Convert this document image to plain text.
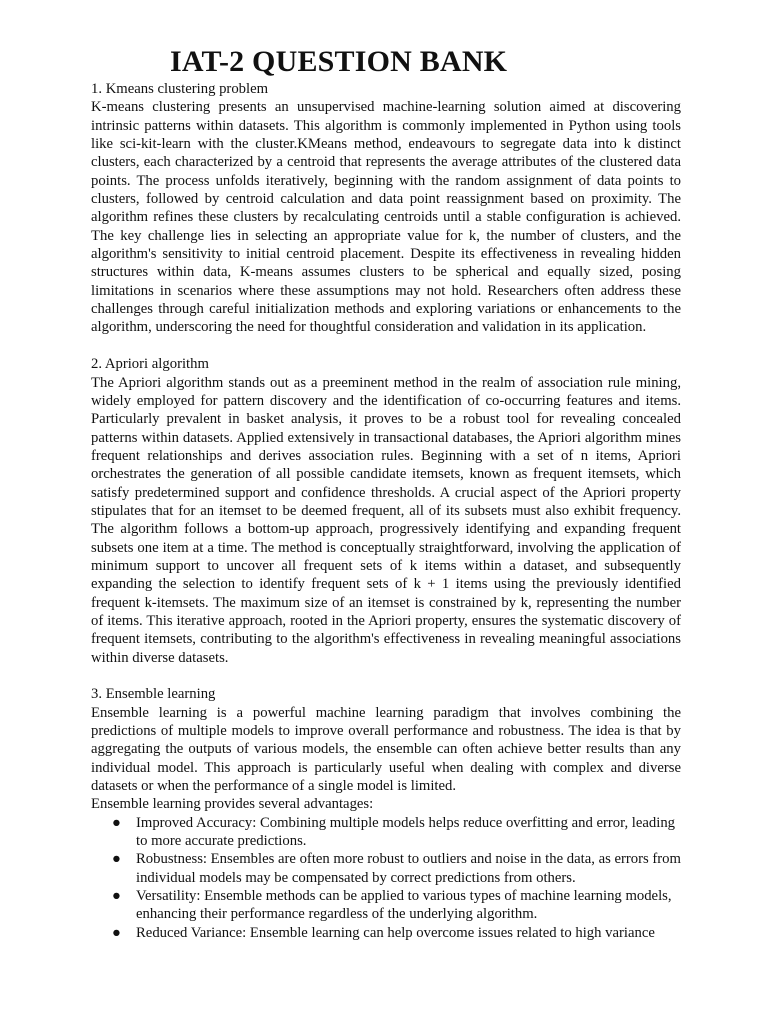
IAT-2 QUESTION BANK
1. Kmeans clustering problem

K-means clustering presents an unsupervised machine-learning solution aimed at discovering intrinsic patterns within datasets. This algorithm is commonly implemented in Python using tools like sci-kit-learn with the cluster.KMeans method, endeavours to segregate data into k distinct clusters, each characterized by a centroid that represents the average attributes of the clustered data points. The process unfolds iteratively, beginning with the random assignment of data points to clusters, followed by centroid calculation and data point reassignment based on proximity. The algorithm refines these clusters by recalculating centroids until a stable configuration is achieved. The key challenge lies in selecting an appropriate value for k, the number of clusters, and the algorithm's sensitivity to initial centroid placement. Despite its effectiveness in revealing hidden structures within data, K-means assumes clusters to be spherical and equally sized, posing limitations in scenarios where these assumptions may not hold. Researchers often address these challenges through careful initialization methods and exploring variations or enhancements to the algorithm, underscoring the need for thoughtful consideration and validation in its application.

2. Apriori algorithm

The Apriori algorithm stands out as a preeminent method in the realm of association rule mining, widely employed for pattern discovery and the identification of co-occurring features and items. Particularly prevalent in basket analysis, it proves to be a robust tool for revealing concealed patterns within datasets. Applied extensively in transactional databases, the Apriori algorithm mines frequent relationships and derives association rules. Beginning with a set of n items, Apriori orchestrates the generation of all possible candidate itemsets, known as frequent itemsets, which satisfy predetermined support and confidence thresholds. A crucial aspect of the Apriori property stipulates that for an itemset to be deemed frequent, all of its subsets must also exhibit frequency. The algorithm follows a bottom-up approach, progressively identifying and expanding frequent subsets one item at a time. The method is conceptually straightforward, involving the application of minimum support to uncover all frequent sets of k items within a dataset, and subsequently expanding the selection to identify frequent sets of k + 1 items using the previously identified frequent k-itemsets. The maximum size of an itemset is constrained by k, representing the number of items. This iterative approach, rooted in the Apriori property, ensures the systematic discovery of frequent itemsets, contributing to the algorithm's effectiveness in revealing meaningful associations within diverse datasets.

3. Ensemble learning

Ensemble learning is a powerful machine learning paradigm that involves combining the predictions of multiple models to improve overall performance and robustness. The idea is that by aggregating the outputs of various models, the ensemble can often achieve better results than any individual model. This approach is particularly useful when dealing with complex and diverse datasets or when the performance of a single model is limited.

Ensemble learning provides several advantages:

● Improved Accuracy: Combining multiple models helps reduce overfitting and error, leading to more accurate predictions.
● Robustness: Ensembles are often more robust to outliers and noise in the data, as errors from individual models may be compensated by correct predictions from others.
● Versatility: Ensemble methods can be applied to various types of machine learning models, enhancing their performance regardless of the underlying algorithm.
● Reduced Variance: Ensemble learning can help overcome issues related to high variance
